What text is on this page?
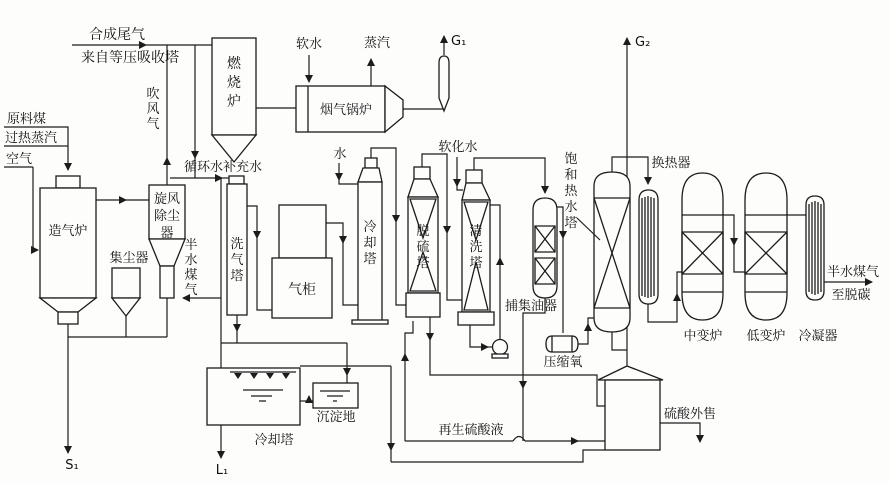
合成尾气
来自等压吸收塔
原料煤
过热蒸汽
空气
吹风气
燃烧炉
软水	蒸汽	G₁
烟气锅炉
循环水补充水
造气炉
集尘器
旋风除尘器
半水煤气
洗气塔
气柜
水
冷却塔
软化水
脱硫塔
清洗塔
捕集油器
饱和热水塔
压缩氧
G₂
换热器
中变炉 低变炉 冷凝器
半水煤气
至脱碳
硫酸外售
再生硫酸液
冷却塔
沉淀地
S₁	L₁
